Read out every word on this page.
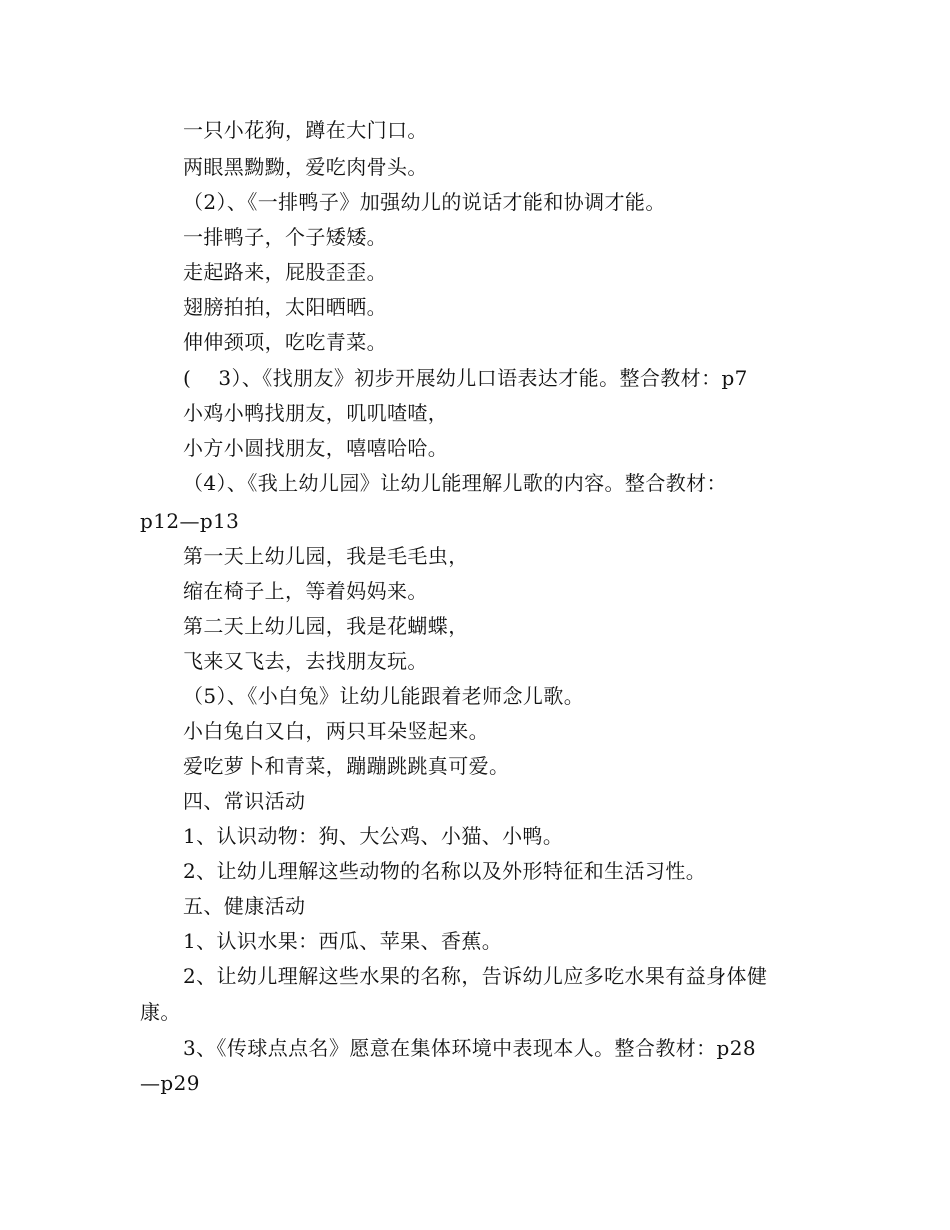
一只小花狗，蹲在大门口。
两眼黑黝黝，爱吃肉骨头。
（2）、《一排鸭子》加强幼儿的说话才能和协调才能。
一排鸭子，个子矮矮。
走起路来，屁股歪歪。
翅膀拍拍，太阳晒晒。
伸伸颈项，吃吃青菜。
(　 3）、《找朋友》初步开展幼儿口语表达才能。整合教材：p7
小鸡小鸭找朋友，叽叽喳喳，
小方小圆找朋友，嘻嘻哈哈。
（4）、《我上幼儿园》让幼儿能理解儿歌的内容。整合教材：
p12—p13
第一天上幼儿园，我是毛毛虫，
缩在椅子上，等着妈妈来。
第二天上幼儿园，我是花蝴蝶，
飞来又飞去，去找朋友玩。
（5）、《小白兔》让幼儿能跟着老师念儿歌。
小白兔白又白，两只耳朵竖起来。
爱吃萝卜和青菜，蹦蹦跳跳真可爱。
四、常识活动
1、认识动物：狗、大公鸡、小猫、小鸭。
2、让幼儿理解这些动物的名称以及外形特征和生活习性。
五、健康活动
1、认识水果：西瓜、苹果、香蕉。
2、让幼儿理解这些水果的名称，告诉幼儿应多吃水果有益身体健
康。
3、《传球点点名》愿意在集体环境中表现本人。整合教材：p28
—p29
